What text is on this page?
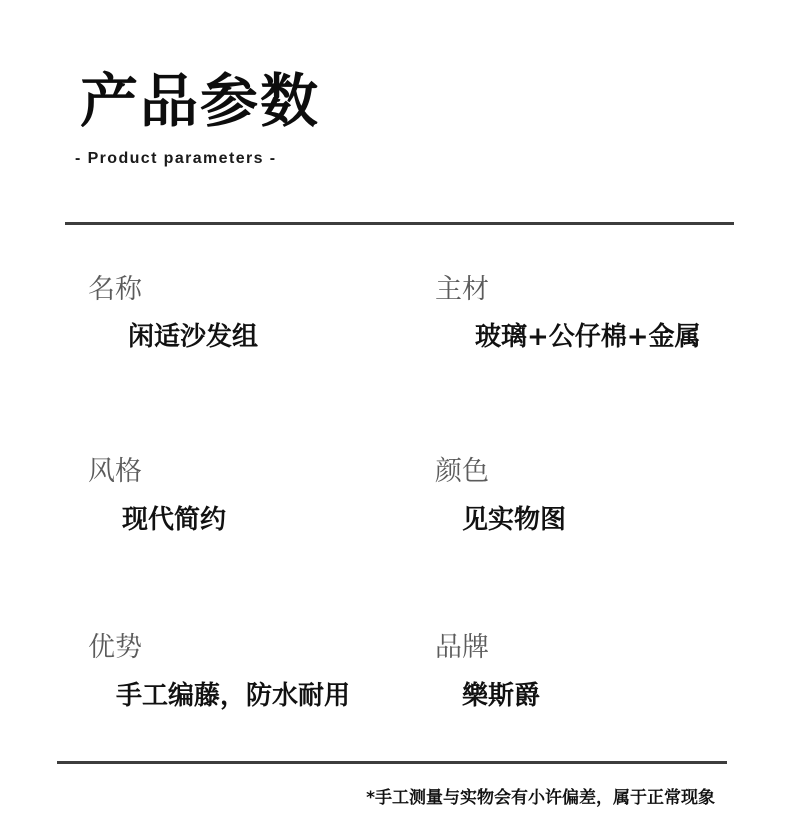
产品参数
- Product parameters -
名称
闲适沙发组
主材
玻璃+公仔棉+金属
风格
现代简约
颜色
见实物图
优势
手工编藤，防水耐用
品牌
樂斯爵
*手工测量与实物会有小许偏差，属于正常现象
